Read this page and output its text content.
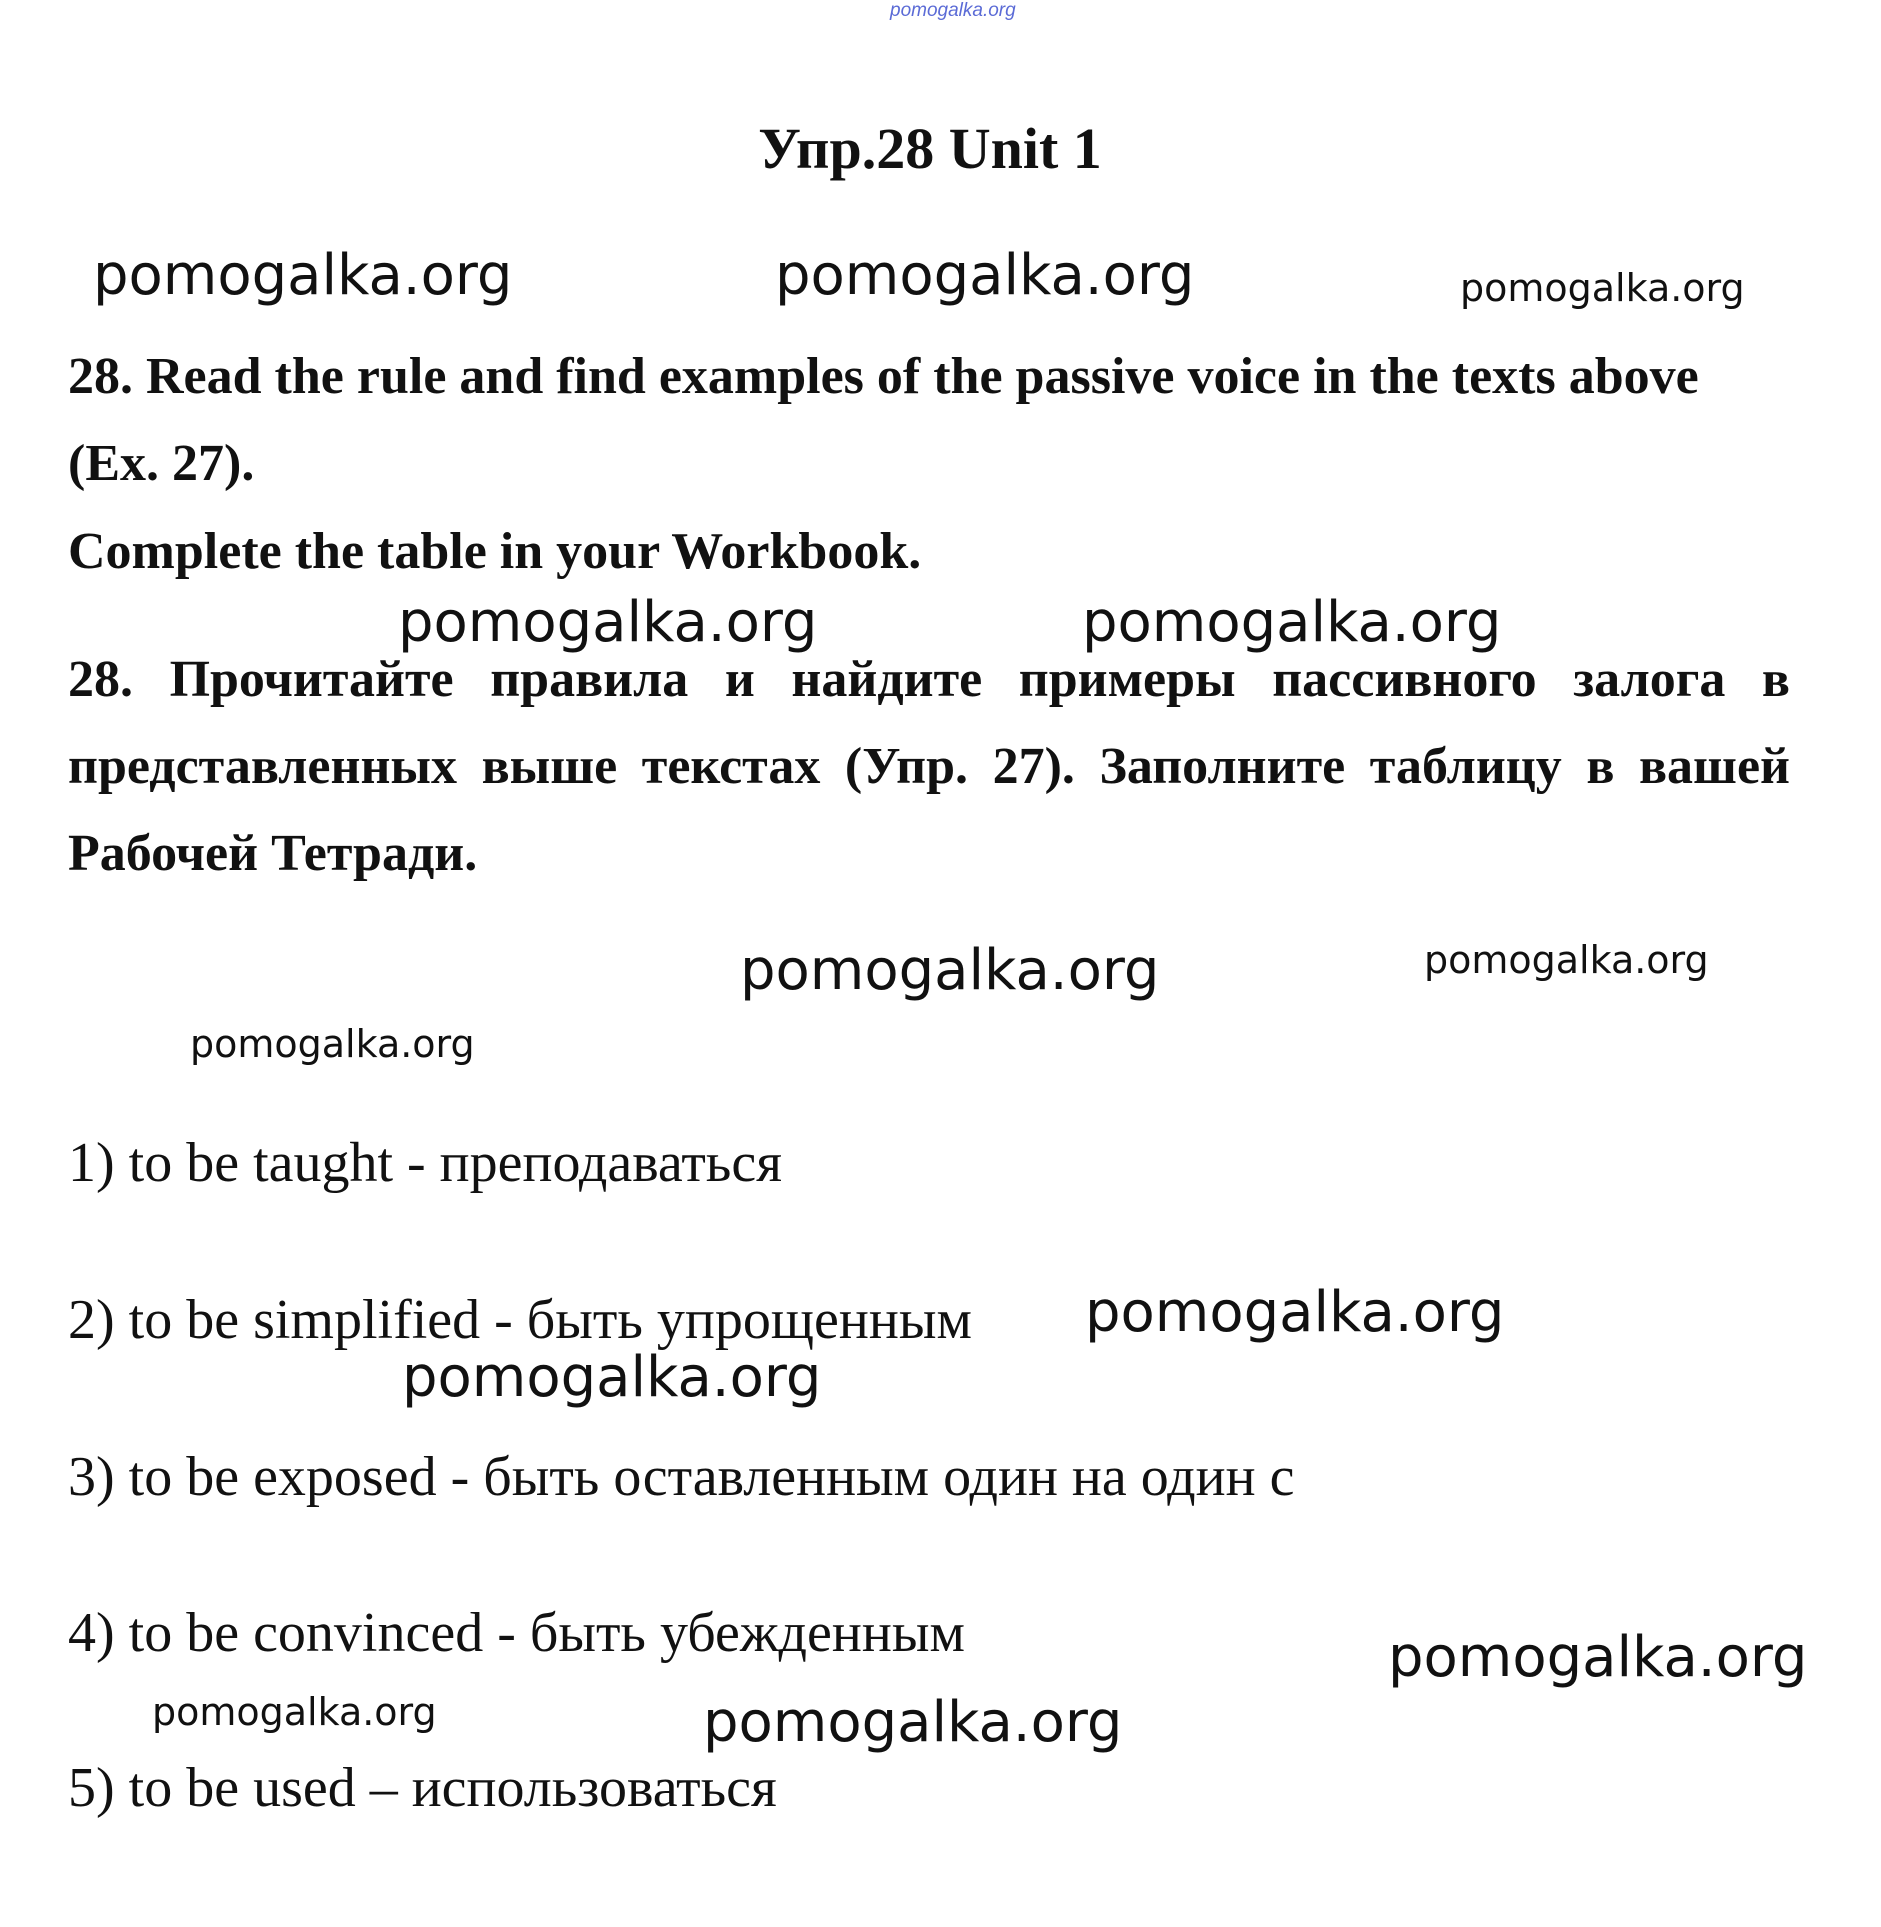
pomogalka.org
Упр.28 Unit 1
pomogalka.org	pomogalka.org	pomogalka.org
28. Read the rule and find examples of the passive voice in the texts above (Ex. 27).
Complete the table in your Workbook.
pomogalka.org	pomogalka.org
28. Прочитайте правила и найдите примеры пассивного залога в представленных выше текстах (Упр. 27). Заполните таблицу в вашей Рабочей Тетради.
pomogalka.org	pomogalka.org
pomogalka.org
1) to be taught - преподаваться
2) to be simplified - быть упрощенным pomogalka.org
pomogalka.org
3) to be exposed - быть оставленным один на один с
4) to be convinced - быть убежденным	pomogalka.org
pomogalka.org	pomogalka.org
5) to be used – использоваться
